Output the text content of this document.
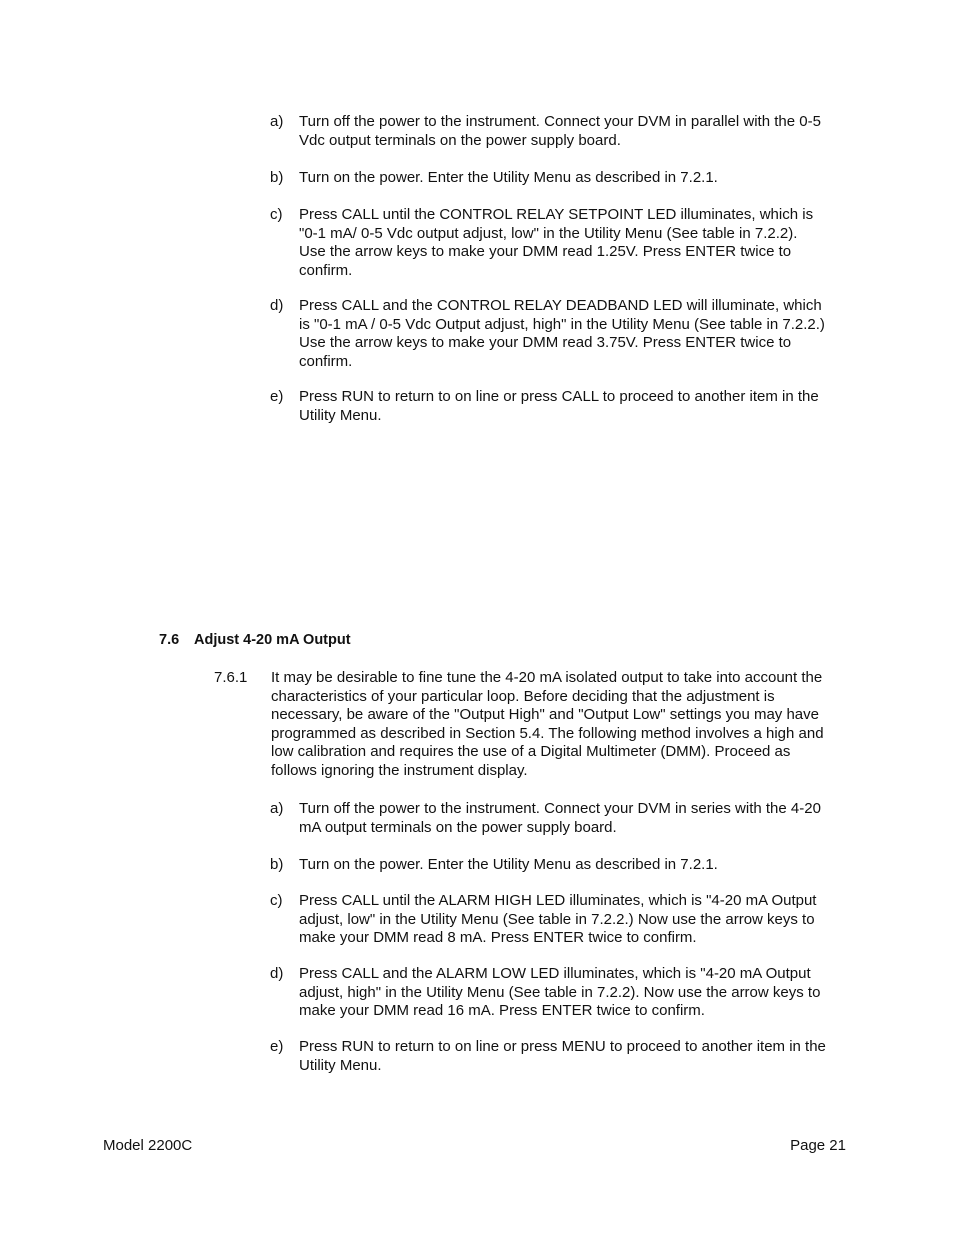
a) Turn off the power to the instrument. Connect your DVM in parallel with the 0-5
Vdc output terminals on the power supply board.
b) Turn on the power. Enter the Utility Menu as described in 7.2.1.
c) Press CALL until the CONTROL RELAY SETPOINT LED illuminates, which is
"0-1 mA/ 0-5 Vdc output adjust, low" in the Utility Menu (See table in 7.2.2).
Use the arrow keys to make your DMM read 1.25V. Press ENTER twice to
confirm.
d) Press CALL and the CONTROL RELAY DEADBAND LED will illuminate, which
is "0-1 mA / 0-5 Vdc Output adjust, high" in the Utility Menu (See table in 7.2.2.)
Use the arrow keys to make your DMM read 3.75V. Press ENTER twice to
confirm.
e) Press RUN to return to on line or press CALL to proceed to another item in the
Utility Menu.
7.6 Adjust 4-20 mA Output
7.6.1 It may be desirable to fine tune the 4-20 mA isolated output to take into account the
characteristics of your particular loop. Before deciding that the adjustment is
necessary, be aware of the "Output High" and "Output Low" settings you may have
programmed as described in Section 5.4. The following method involves a high and
low calibration and requires the use of a Digital Multimeter (DMM). Proceed as
follows ignoring the instrument display.
a) Turn off the power to the instrument. Connect your DVM in series with the 4-20
mA output terminals on the power supply board.
b) Turn on the power. Enter the Utility Menu as described in 7.2.1.
c) Press CALL until the ALARM HIGH LED illuminates, which is "4-20 mA Output
adjust, low" in the Utility Menu (See table in 7.2.2.) Now use the arrow keys to
make your DMM read 8 mA. Press ENTER twice to confirm.
d) Press CALL and the ALARM LOW LED illuminates, which is "4-20 mA Output
adjust, high" in the Utility Menu (See table in 7.2.2). Now use the arrow keys to
make your DMM read 16 mA. Press ENTER twice to confirm.
e) Press RUN to return to on line or press MENU to proceed to another item in the
Utility Menu.
Model 2200C	Page 21
